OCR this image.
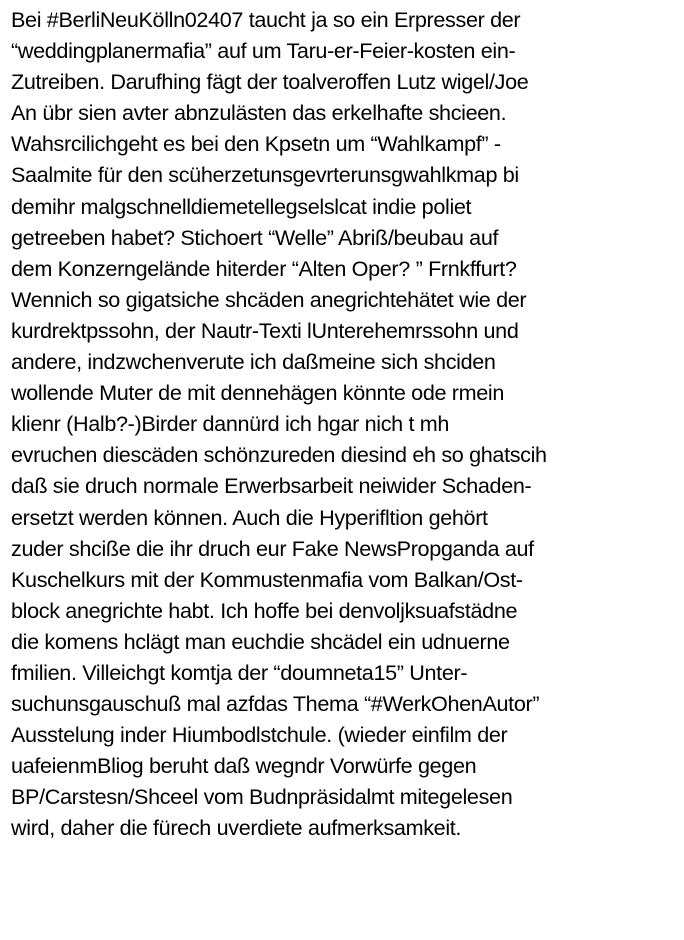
Bei #BerliNeuKölln02407 taucht ja so ein Erpresser der
“weddingplanermafia” auf um Taru-er-Feier-kosten ein-
Zutreiben. Darufhing fägt der toalveroffen Lutz wigel/Joe
An übr sien avter abnzulästen das erkelhafte shcieen.
Wahsrcilichgeht es bei den Kpsetn um “Wahlkampf” -
Saalmite für den scüherzetunsgevrterunsgwahlkmap bi
demihr malgschnelldiemetellegselslcat indie poliet
getreeben habet? Stichoert “Welle” Abriß/beubau auf
dem Konzerngelände hiterder “Alten Oper? ” Frnkffurt?
Wennich so gigatsiche shcäden anegrichtehätet wie der
kurdrektpssohn, der Nautr-Texti lUnterehemrssohn und
andere, indzwchenverute ich daßmeine sich shciden
wollende Muter de mit dennehägen könnte ode rmein
klienr (Halb?-)Birder dannürd ich hgar nich t mh
evruchen diescäden schönzureden diesind eh so ghatscih
daß sie druch normale Erwerbsarbeit neiwider Schaden-
ersetzt werden können. Auch die Hyperifltion gehört
zuder shcißе die ihr druch eur Fake NewsPropganda auf
Kuschelkurs mit der Kommustenmafia vom Balkan/Ost-
block anegrichte habt. Ich hoffe bei denvoljksuafstädne
die komens hclägt man euchdie shcädel ein udnuerne
fmilien. Villeichgt komtja der “doumneta15” Unter-
suchunsgauschuß mal azfdas Thema “#WerkOhenAutor”
Ausstelung inder Hiumbodlstchule. (wieder einfilm der
uafeienmBliog beruht daß wegndr Vorwürfe gegen
BP/Carstesn/Shceel vom Budnpräsidalmt mitegelesen
wird, daher die fürech uverdiete aufmerksamkeit.
